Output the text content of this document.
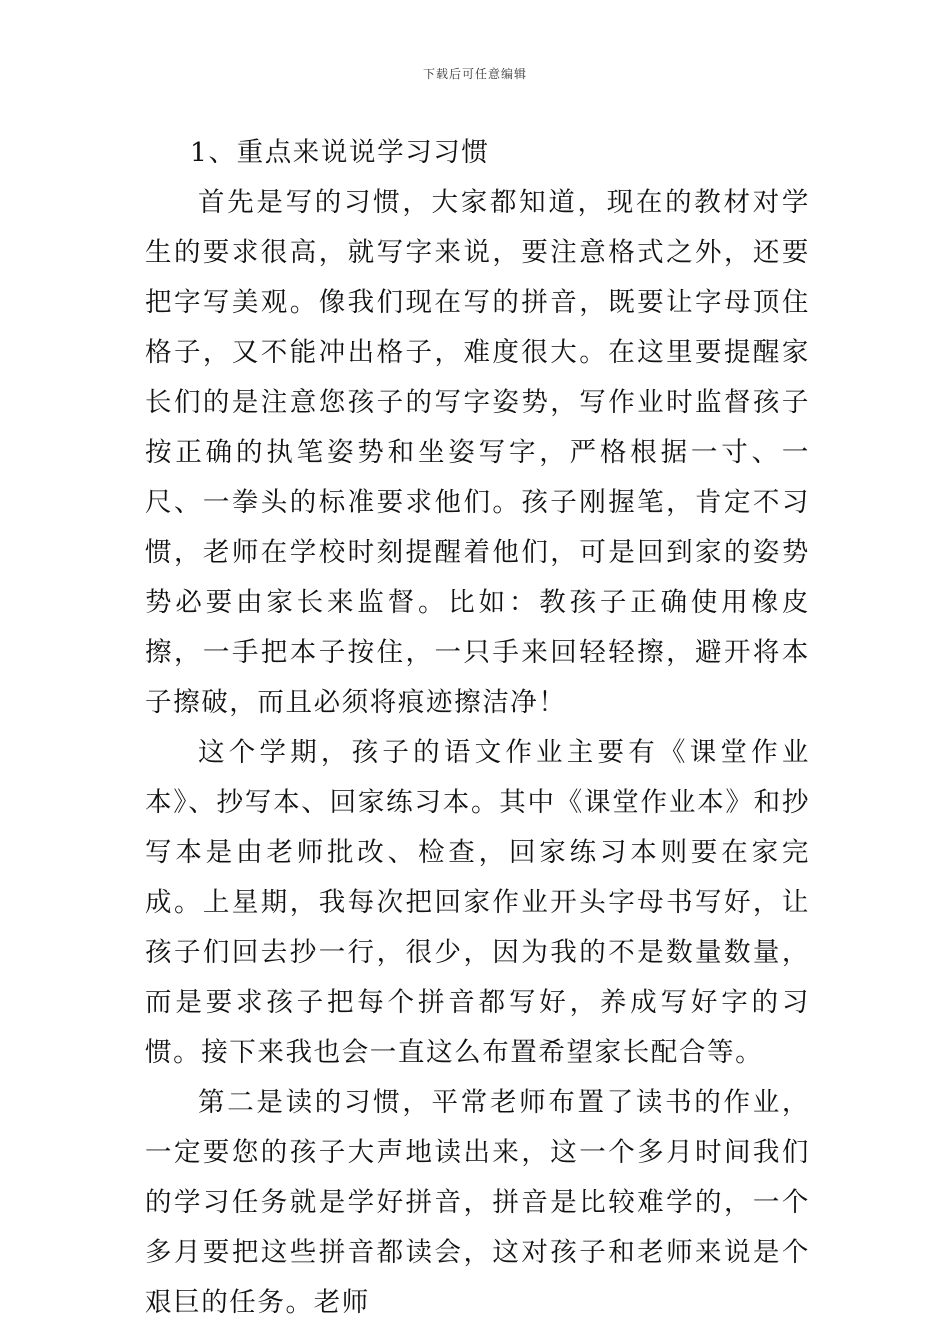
下载后可任意编辑

1、重点来说说学习习惯

首先是写的习惯，大家都知道，现在的教材对学生的要求很高，就写字来说，要注意格式之外，还要把字写美观。像我们现在写的拼音，既要让字母顶住格子，又不能冲出格子，难度很大。在这里要提醒家长们的是注意您孩子的写字姿势，写作业时监督孩子按正确的执笔姿势和坐姿写字，严格根据一寸、一尺、一拳头的标准要求他们。孩子刚握笔，肯定不习惯，老师在学校时刻提醒着他们，可是回到家的姿势势必要由家长来监督。比如：教孩子正确使用橡皮擦，一手把本子按住，一只手来回轻轻擦，避开将本子擦破，而且必须将痕迹擦洁净！

这个学期，孩子的语文作业主要有《课堂作业本》、抄写本、回家练习本。其中《课堂作业本》和抄写本是由老师批改、检查，回家练习本则要在家完成。上星期，我每次把回家作业开头字母书写好，让孩子们回去抄一行，很少，因为我的不是数量数量，而是要求孩子把每个拼音都写好，养成写好字的习惯。接下来我也会一直这么布置希望家长配合等。

第二是读的习惯，平常老师布置了读书的作业，一定要您的孩子大声地读出来，这一个多月时间我们的学习任务就是学好拼音，拼音是比较难学的，一个多月要把这些拼音都读会，这对孩子和老师来说是个艰巨的任务。老师
